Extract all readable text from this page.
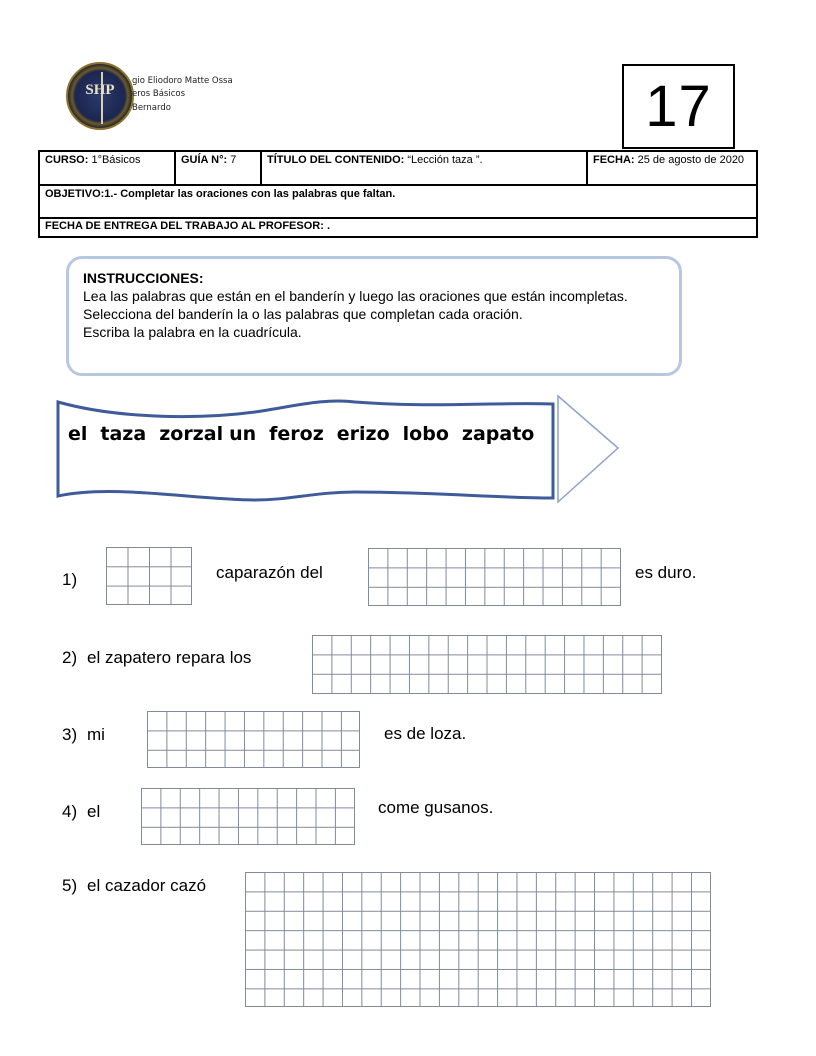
SHP
gio Eliodoro Matte Ossa
eros Básicos
Bernardo	17
CURSO: 1°Básicos	GUÍA N°: 7	TÍTULO DEL CONTENIDO: “Lección taza ”.	FECHA: 25 de agosto de 2020
OBJETIVO:1.- Completar las oraciones con las palabras que faltan.
FECHA DE ENTREGA DEL TRABAJO AL PROFESOR: .
INSTRUCCIONES:
Lea las palabras que están en el banderín y luego las oraciones que están incompletas.
Selecciona del banderín la o las palabras que completan cada oración.
Escriba la palabra en la cuadrícula.
el taza zorzal un feroz erizo lobo zapato
1)	caparazón del	es duro.
2) el zapatero repara los
3) mi	es de loza.
4) el	come gusanos.
5) el cazador cazó
